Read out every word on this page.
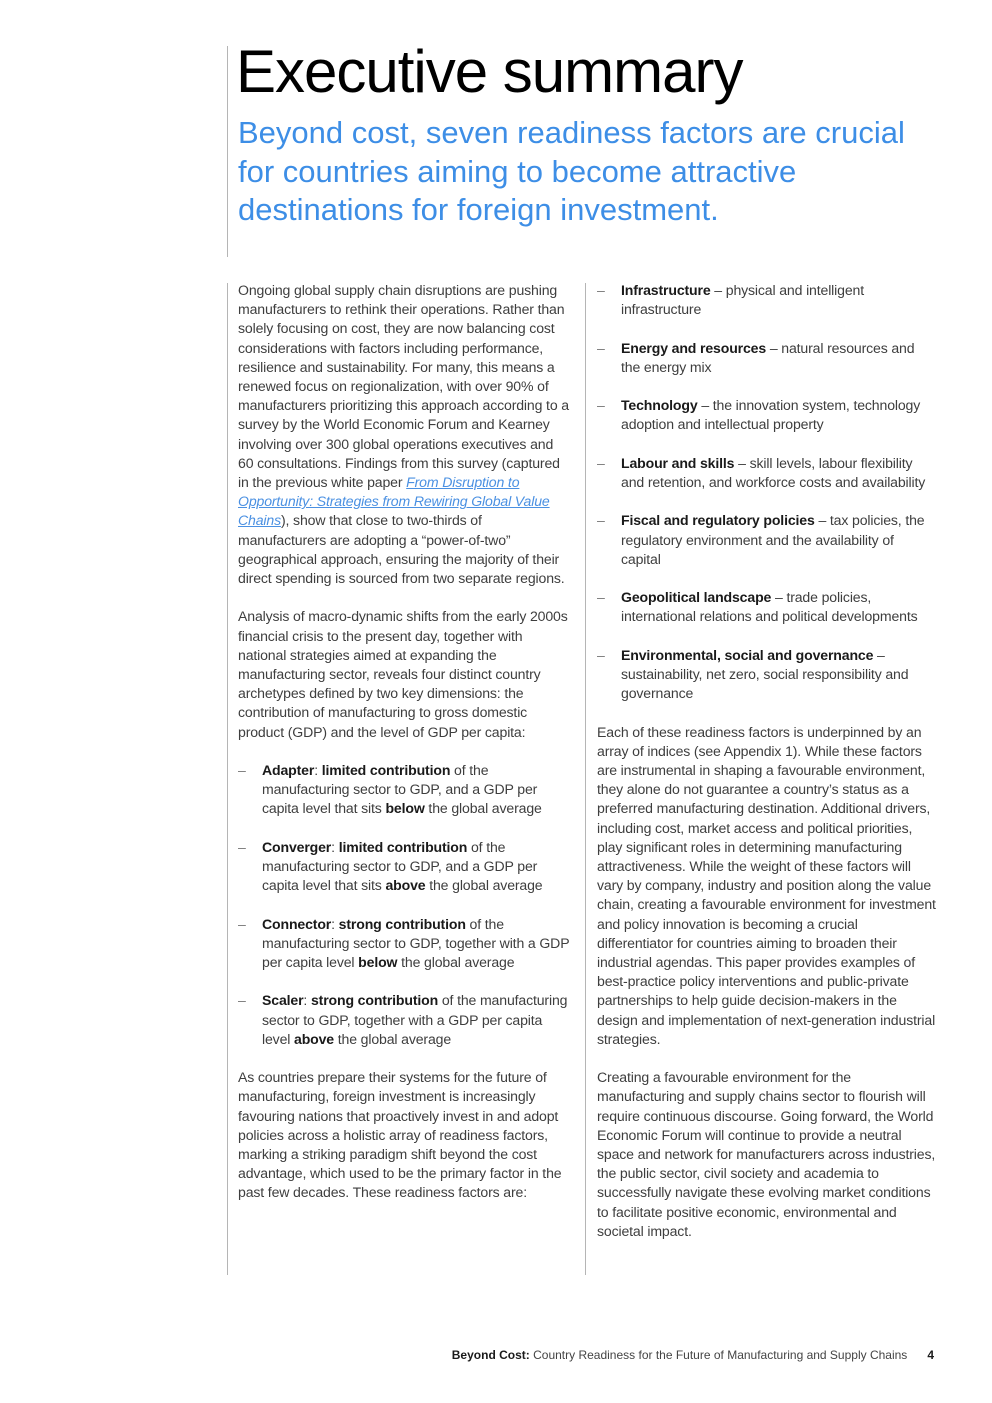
Executive summary
Beyond cost, seven readiness factors are crucial for countries aiming to become attractive destinations for foreign investment.

Ongoing global supply chain disruptions are pushing manufacturers to rethink their operations. Rather than solely focusing on cost, they are now balancing cost considerations with factors including performance, resilience and sustainability. For many, this means a renewed focus on regionalization, with over 90% of manufacturers prioritizing this approach according to a survey by the World Economic Forum and Kearney involving over 300 global operations executives and 60 consultations. Findings from this survey (captured in the previous white paper From Disruption to Opportunity: Strategies from Rewiring Global Value Chains), show that close to two-thirds of manufacturers are adopting a “power-of-two” geographical approach, ensuring the majority of their direct spending is sourced from two separate regions.

Analysis of macro-dynamic shifts from the early 2000s financial crisis to the present day, together with national strategies aimed at expanding the manufacturing sector, reveals four distinct country archetypes defined by two key dimensions: the contribution of manufacturing to gross domestic product (GDP) and the level of GDP per capita:

– Adapter: limited contribution of the manufacturing sector to GDP, and a GDP per capita level that sits below the global average
– Converger: limited contribution of the manufacturing sector to GDP, and a GDP per capita level that sits above the global average
– Connector: strong contribution of the manufacturing sector to GDP, together with a GDP per capita level below the global average
– Scaler: strong contribution of the manufacturing sector to GDP, together with a GDP per capita level above the global average

As countries prepare their systems for the future of manufacturing, foreign investment is increasingly favouring nations that proactively invest in and adopt policies across a holistic array of readiness factors, marking a striking paradigm shift beyond the cost advantage, which used to be the primary factor in the past few decades. These readiness factors are:

– Infrastructure – physical and intelligent infrastructure
– Energy and resources – natural resources and the energy mix
– Technology – the innovation system, technology adoption and intellectual property
– Labour and skills – skill levels, labour flexibility and retention, and workforce costs and availability
– Fiscal and regulatory policies – tax policies, the regulatory environment and the availability of capital
– Geopolitical landscape – trade policies, international relations and political developments
– Environmental, social and governance – sustainability, net zero, social responsibility and governance

Each of these readiness factors is underpinned by an array of indices (see Appendix 1). While these factors are instrumental in shaping a favourable environment, they alone do not guarantee a country’s status as a preferred manufacturing destination. Additional drivers, including cost, market access and political priorities, play significant roles in determining manufacturing attractiveness. While the weight of these factors will vary by company, industry and position along the value chain, creating a favourable environment for investment and policy innovation is becoming a crucial differentiator for countries aiming to broaden their industrial agendas. This paper provides examples of best-practice policy interventions and public-private partnerships to help guide decision-makers in the design and implementation of next-generation industrial strategies.

Creating a favourable environment for the manufacturing and supply chains sector to flourish will require continuous discourse. Going forward, the World Economic Forum will continue to provide a neutral space and network for manufacturers across industries, the public sector, civil society and academia to successfully navigate these evolving market conditions to facilitate positive economic, environmental and societal impact.

Beyond Cost: Country Readiness for the Future of Manufacturing and Supply Chains 4
